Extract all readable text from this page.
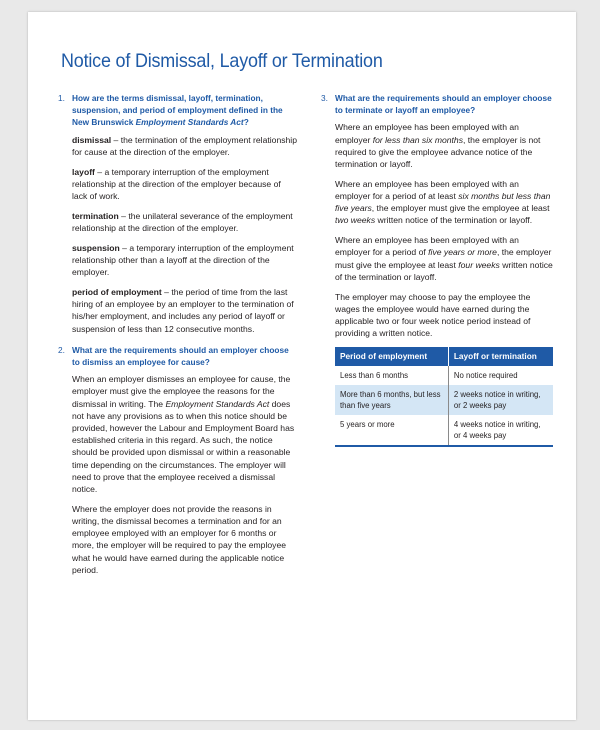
Notice of Dismissal, Layoff or Termination
1. How are the terms dismissal, layoff, termination, suspension, and period of employment defined in the New Brunswick Employment Standards Act?
dismissal – the termination of the employment relationship for cause at the direction of the employer.
layoff – a temporary interruption of the employment relationship at the direction of the employer because of lack of work.
termination – the unilateral severance of the employment relationship at the direction of the employer.
suspension – a temporary interruption of the employment relationship other than a layoff at the direction of the employer.
period of employment – the period of time from the last hiring of an employee by an employer to the termination of his/her employment, and includes any period of layoff or suspension of less than 12 consecutive months.
2. What are the requirements should an employer choose to dismiss an employee for cause?
When an employer dismisses an employee for cause, the employer must give the employee the reasons for the dismissal in writing. The Employment Standards Act does not have any provisions as to when this notice should be provided, however the Labour and Employment Board has established criteria in this regard. As such, the notice should be provided upon dismissal or within a reasonable time depending on the circumstances. The employer will need to prove that the employee received a dismissal notice.
Where the employer does not provide the reasons in writing, the dismissal becomes a termination and for an employee employed with an employer for 6 months or more, the employer will be required to pay the employee what he would have earned during the applicable notice period.
3. What are the requirements should an employer choose to terminate or layoff an employee?
Where an employee has been employed with an employer for less than six months, the employer is not required to give the employee advance notice of the termination or layoff.
Where an employee has been employed with an employer for a period of at least six months but less than five years, the employer must give the employee at least two weeks written notice of the termination or layoff.
Where an employee has been employed with an employer for a period of five years or more, the employer must give the employee at least four weeks written notice of the termination or layoff.
The employer may choose to pay the employee the wages the employee would have earned during the applicable two or four week notice period instead of providing a written notice.
Period of employment	Layoff or termination
Less than 6 months	No notice required
More than 6 months, but less than five years	2 weeks notice in writing, or 2 weeks pay
5 years or more	4 weeks notice in writing, or 4 weeks pay
